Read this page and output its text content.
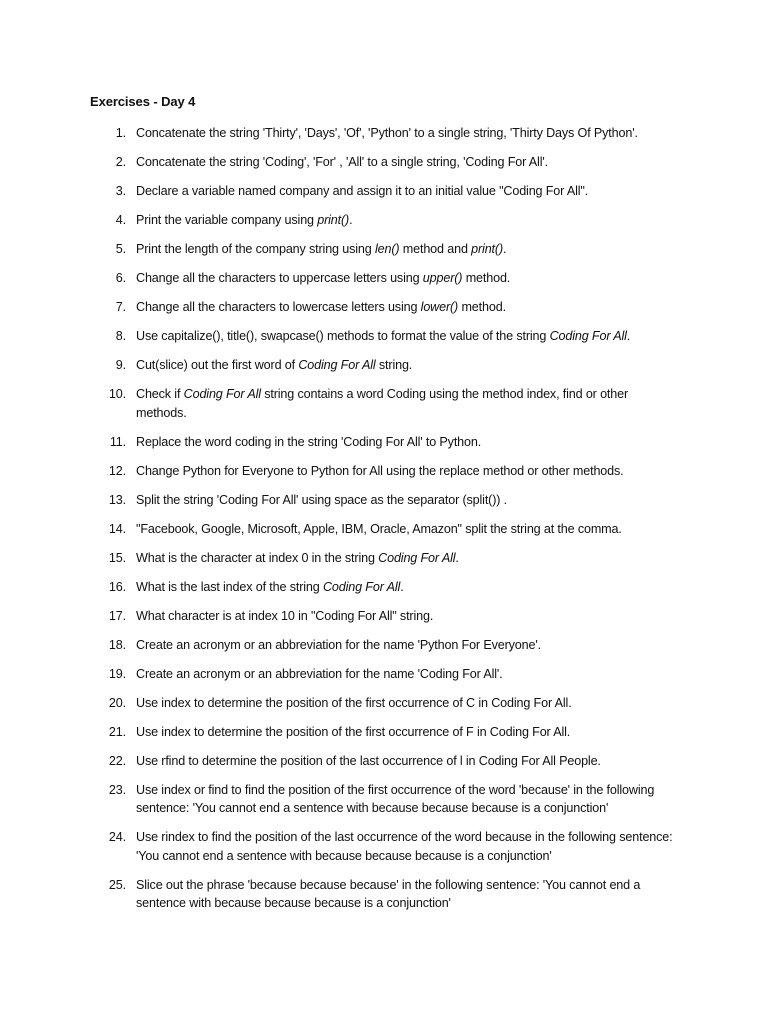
Exercises - Day 4
1 . Concatenate the string 'Thirty', 'Days', 'Of', 'Python' to a single string, 'Thirty Days Of Python'.
2 . Concatenate the string 'Coding', 'For' , 'All' to a single string, 'Coding For All'.
3 . Declare a variable named company and assign it to an initial value "Coding For All".
4 . Print the variable company using print().
5 . Print the length of the company string using len() method and print().
6 . Change all the characters to uppercase letters using upper() method.
7 . Change all the characters to lowercase letters using lower() method.
8 . Use capitalize(), title(), swapcase() methods to format the value of the string Coding For All.
9 . Cut(slice) out the first word of Coding For All string.
10 . Check if Coding For All string contains a word Coding using the method index, find or other methods.
11 . Replace the word coding in the string 'Coding For All' to Python.
12 . Change Python for Everyone to Python for All using the replace method or other methods.
13 . Split the string 'Coding For All' using space as the separator (split()) .
14 . "Facebook, Google, Microsoft, Apple, IBM, Oracle, Amazon" split the string at the comma.
15 . What is the character at index 0 in the string Coding For All.
16 . What is the last index of the string Coding For All.
17 . What character is at index 10 in "Coding For All" string.
18 . Create an acronym or an abbreviation for the name 'Python For Everyone'.
19 . Create an acronym or an abbreviation for the name 'Coding For All'.
20 . Use index to determine the position of the first occurrence of C in Coding For All.
21 . Use index to determine the position of the first occurrence of F in Coding For All.
22 . Use rfind to determine the position of the last occurrence of l in Coding For All People.
23 . Use index or find to find the position of the first occurrence of the word 'because' in the following sentence: 'You cannot end a sentence with because because because is a conjunction'
24 . Use rindex to find the position of the last occurrence of the word because in the following sentence: 'You cannot end a sentence with because because because is a conjunction'
25 . Slice out the phrase 'because because because' in the following sentence: 'You cannot end a sentence with because because because is a conjunction'
